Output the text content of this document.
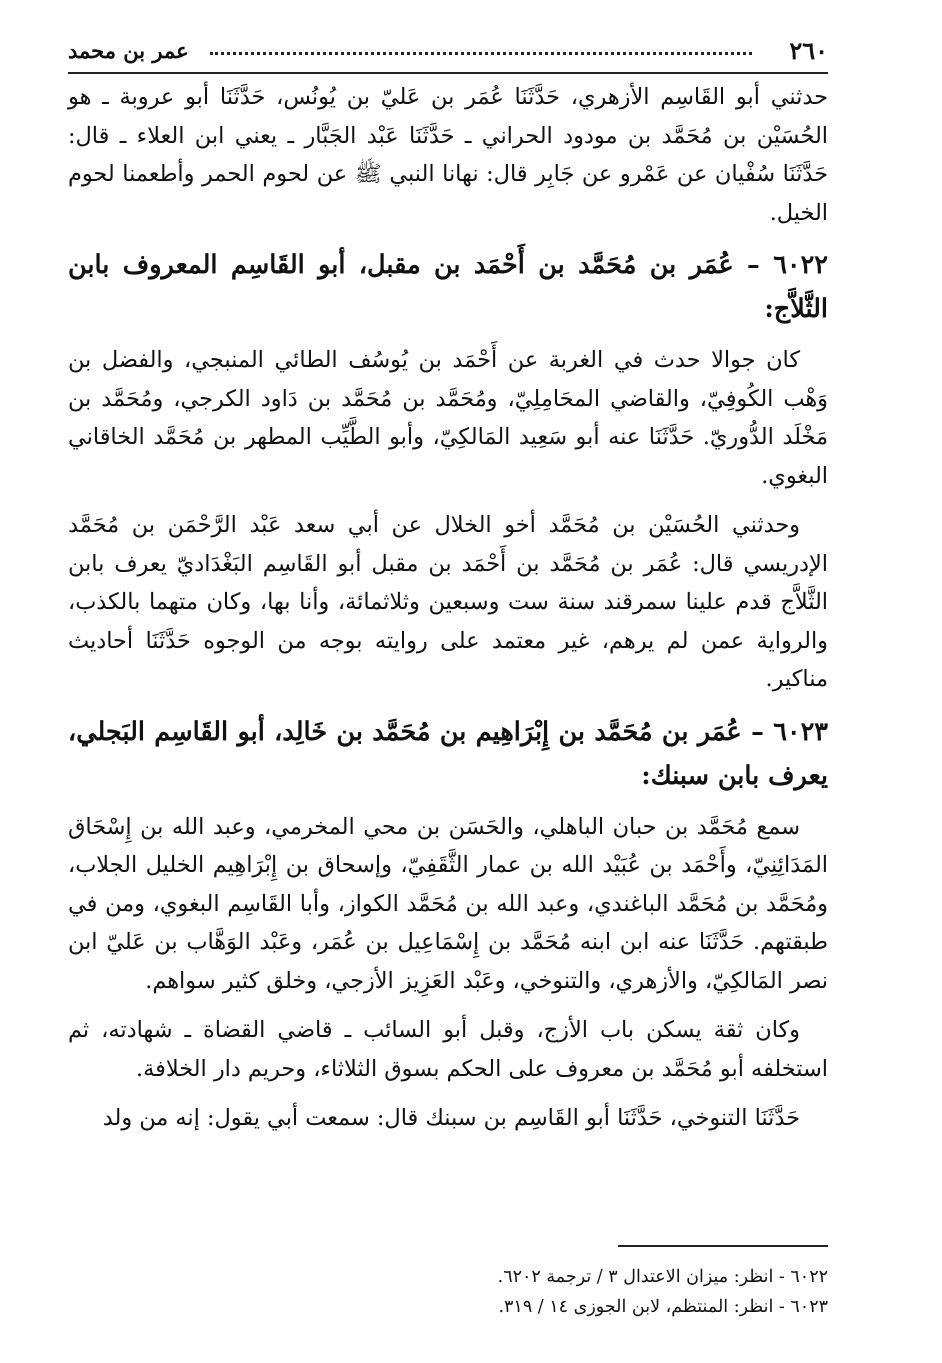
٢٦٠
عمر بن محمد

حدثني أبو القَاسِم الأزهري، حَدَّثَنَا عُمَر بن عَليّ بن يُونُس، حَدَّثَنَا أبو عروبة ـ هو الحُسَيْن بن مُحَمَّد بن مودود الحراني ـ حَدَّثَنَا عَبْد الجَبَّار ـ يعني ابن العلاء ـ قال: حَدَّثَنَا سُفْيان عن عَمْرو عن جَابِر قال: نهانا النبي ﷺ عن لحوم الحمر وأطعمنا لحوم الخيل.

٦٠٢٢ – عُمَر بن مُحَمَّد بن أَحْمَد بن مقبل، أبو القَاسِم المعروف بابن الثَّلاَّج:

كان جوالا حدث في الغربة عن أَحْمَد بن يُوسُف الطائي المنبجي، والفضل بن وَهْب الكُوفِيّ، والقاضي المحَامِلِيّ، ومُحَمَّد بن مُحَمَّد بن دَاود الكرجي، ومُحَمَّد بن مَخْلَد الدُّوريّ. حَدَّثَنَا عنه أبو سَعِيد المَالكِيّ، وأبو الطَّيِّب المطهر بن مُحَمَّد الخاقاني البغوي.

وحدثني الحُسَيْن بن مُحَمَّد أخو الخلال عن أبي سعد عَبْد الرَّحْمَن بن مُحَمَّد الإدريسي قال: عُمَر بن مُحَمَّد بن أَحْمَد بن مقبل أبو القَاسِم البَغْدَاديّ يعرف بابن الثَّلاَّج قدم علينا سمرقند سنة ست وسبعين وثلاثمائة، وأنا بها، وكان متهما بالكذب، والرواية عمن لم يرهم، غير معتمد على روايته بوجه من الوجوه حَدَّثَنَا أحاديث مناكير.

٦٠٢٣ – عُمَر بن مُحَمَّد بن إِبْرَاهِيم بن مُحَمَّد بن خَالِد، أبو القَاسِم البَجلي، يعرف بابن سبنك:

سمع مُحَمَّد بن حبان الباهلي، والحَسَن بن محي المخرمي، وعبد الله بن إِسْحَاق المَدَائِنِيّ، وأَحْمَد بن عُبَيْد الله بن عمار الثَّقَفِيّ، وإسحاق بن إِبْرَاهِيم الخليل الجلاب، ومُحَمَّد بن مُحَمَّد الباغندي، وعبد الله بن مُحَمَّد الكواز، وأبا القَاسِم البغوي، ومن في طبقتهم. حَدَّثَنَا عنه ابن ابنه مُحَمَّد بن إِسْمَاعِيل بن عُمَر، وعَبْد الوَهَّاب بن عَليّ ابن نصر المَالكِيّ، والأزهري، والتنوخي، وعَبْد العَزِيز الأزجي، وخلق كثير سواهم.

وكان ثقة يسكن باب الأزج، وقبل أبو السائب ـ قاضي القضاة ـ شهادته، ثم استخلفه أبو مُحَمَّد بن معروف على الحكم بسوق الثلاثاء، وحريم دار الخلافة.

حَدَّثَنَا التنوخي، حَدَّثَنَا أبو القَاسِم بن سبنك قال: سمعت أبي يقول: إنه من ولد

٦٠٢٢ - انظر: ميزان الاعتدال ٣ / ترجمة ٦٢٠٢.
٦٠٢٣ - انظر: المنتظم، لابن الجوزى ١٤ / ٣١٩.
